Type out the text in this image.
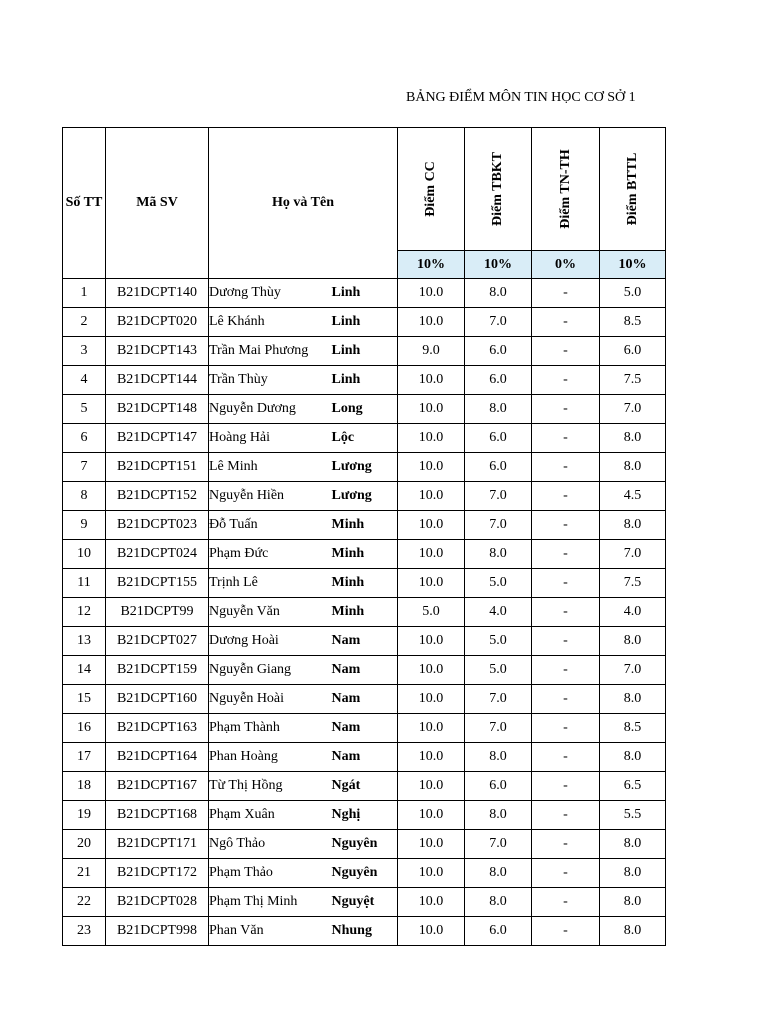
BẢNG ĐIỂM MÔN TIN HỌC CƠ SỞ 1
Số TT	Mã SV	Họ và Tên		Điểm CC	Điểm TBKT	Điểm TN-TH	Điểm BTTL

				10%	10%	0%	10%
1	B21DCPT140	Dương Thùy	Linh	10.0	8.0	-	5.0
2	B21DCPT020	Lê Khánh	Linh	10.0	7.0	-	8.5
3	B21DCPT143	Trần Mai Phương	Linh	9.0	6.0	-	6.0
4	B21DCPT144	Trần Thùy	Linh	10.0	6.0	-	7.5
5	B21DCPT148	Nguyễn Dương	Long	10.0	8.0	-	7.0
6	B21DCPT147	Hoàng Hải	Lộc	10.0	6.0	-	8.0
7	B21DCPT151	Lê Minh	Lương	10.0	6.0	-	8.0
8	B21DCPT152	Nguyễn Hiền	Lương	10.0	7.0	-	4.5
9	B21DCPT023	Đỗ Tuấn	Minh	10.0	7.0	-	8.0
10	B21DCPT024	Phạm Đức	Minh	10.0	8.0	-	7.0
11	B21DCPT155	Trịnh Lê	Minh	10.0	5.0	-	7.5
12	B21DCPT99	Nguyễn Văn	Minh	5.0	4.0	-	4.0
13	B21DCPT027	Dương Hoài	Nam	10.0	5.0	-	8.0
14	B21DCPT159	Nguyễn Giang	Nam	10.0	5.0	-	7.0
15	B21DCPT160	Nguyễn Hoài	Nam	10.0	7.0	-	8.0
16	B21DCPT163	Phạm Thành	Nam	10.0	7.0	-	8.5
17	B21DCPT164	Phan Hoàng	Nam	10.0	8.0	-	8.0
18	B21DCPT167	Từ Thị Hồng	Ngát	10.0	6.0	-	6.5
19	B21DCPT168	Phạm Xuân	Nghị	10.0	8.0	-	5.5
20	B21DCPT171	Ngô Thảo	Nguyên	10.0	7.0	-	8.0
21	B21DCPT172	Phạm Thảo	Nguyên	10.0	8.0	-	8.0
22	B21DCPT028	Phạm Thị Minh	Nguyệt	10.0	8.0	-	8.0
23	B21DCPT998	Phan Văn	Nhung	10.0	6.0	-	8.0
